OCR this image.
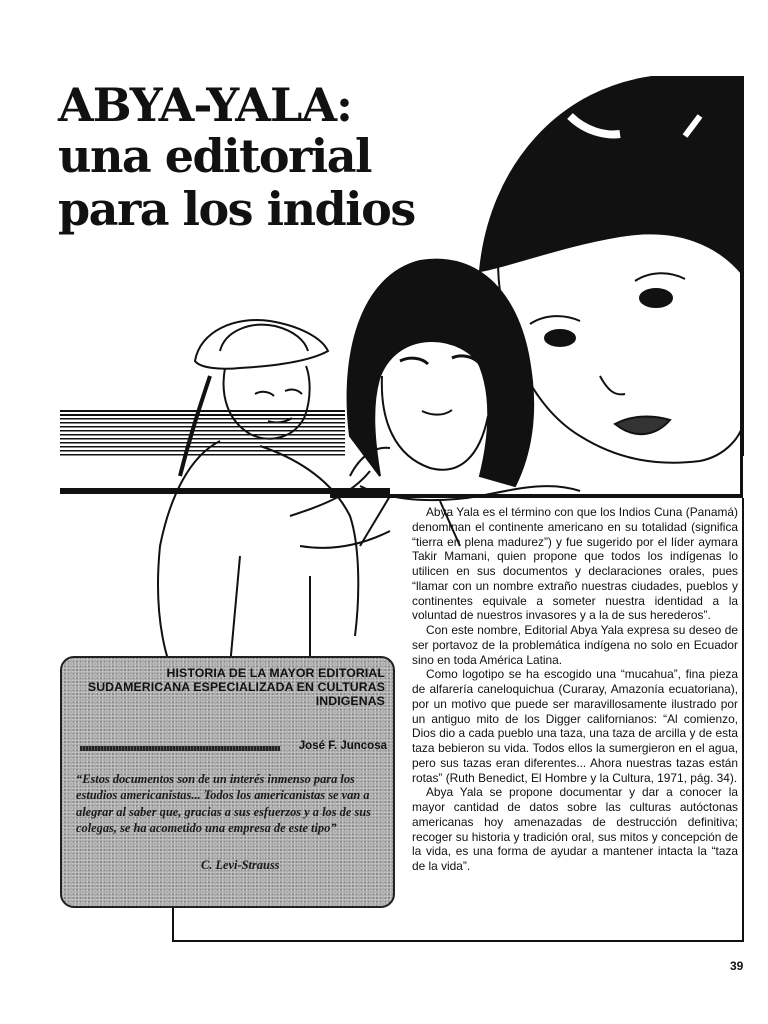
ABYA-YALA:
una editorial
para los indios

Abya Yala es el término con que los Indios Cuna (Panamá) denominan el continente americano en su totalidad (significa “tierra en plena madurez”) y fue sugerido por el líder aymara Takir Mamani, quien propone que todos los indígenas lo utilicen en sus documentos y declaraciones orales, pues “llamar con un nombre extraño nuestras ciudades, pueblos y continentes equivale a someter nuestra identidad a la voluntad de nuestros invasores y a la de sus herederos”.

Con este nombre, Editorial Abya Yala expresa su deseo de ser portavoz de la problemática indígena no solo en Ecuador sino en toda América Latina.

Como logotipo se ha escogido una “mucahua”, fina pieza de alfarería caneloquichua (Curaray, Amazonía ecuatoriana), por un motivo que puede ser maravillosamente ilustrado por un antiguo mito de los Digger californianos: “Al comienzo, Dios dio a cada pueblo una taza, una taza de arcilla y de esta taza bebieron su vida. Todos ellos la sumergieron en el agua, pero sus tazas eran diferentes... Ahora nuestras tazas están rotas” (Ruth Benedict, El Hombre y la Cultura, 1971, pág. 34).

Abya Yala se propone documentar y dar a conocer la mayor cantidad de datos sobre las culturas autóctonas americanas hoy amenazadas de destrucción definitiva; recoger su historia y tradición oral, sus mitos y concepción de la vida, es una forma de ayudar a mantener intacta la “taza de la vida”.

HISTORIA DE LA MAYOR EDITORIAL SUDAMERICANA ESPECIALIZADA EN CULTURAS INDIGENAS
José F. Juncosa
“Estos documentos son de un interés inmenso para los estudios americanistas... Todos los americanistas se van a alegrar al saber que, gracias a sus esfuerzos y a los de sus colegas, se ha acometido una empresa de este tipo”
C. Levi-Strauss
39
